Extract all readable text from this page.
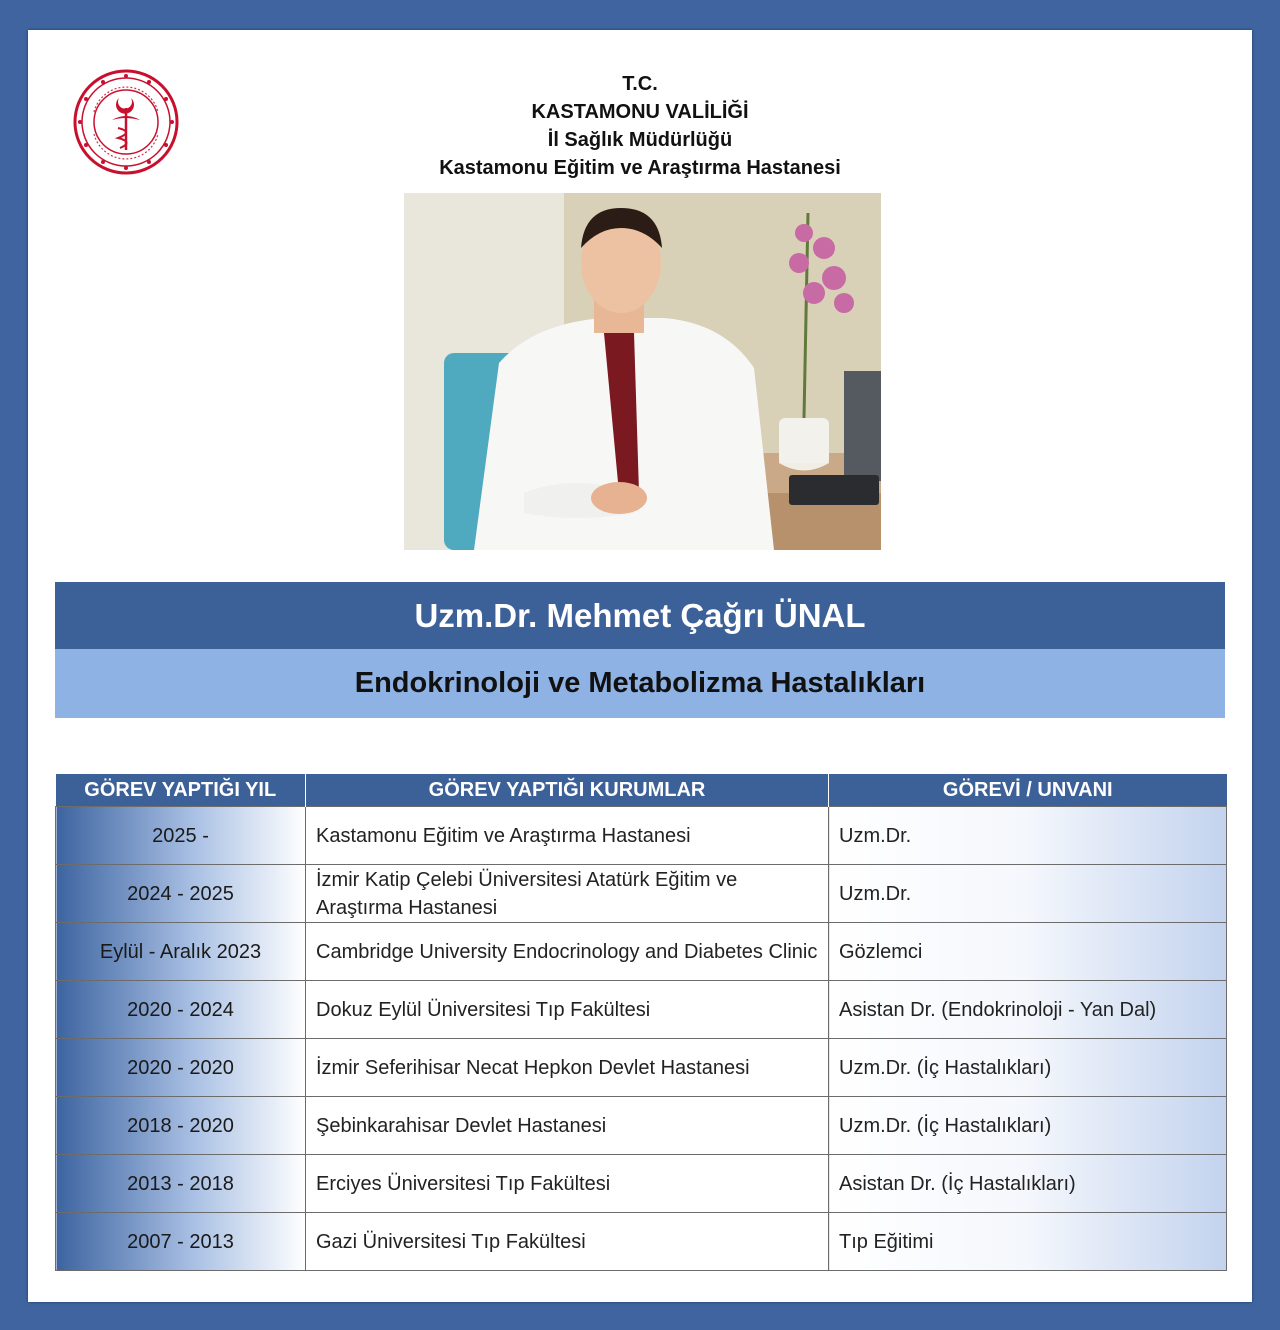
T.C.
KASTAMONU VALİLİĞİ
İl Sağlık Müdürlüğü
Kastamonu Eğitim ve Araştırma Hastanesi
Uzm.Dr. Mehmet Çağrı ÜNAL
Endokrinoloji ve Metabolizma Hastalıkları
GÖREV YAPTIĞI YIL	GÖREV YAPTIĞI KURUMLAR	GÖREVİ / UNVANI
2025 -	Kastamonu Eğitim ve Araştırma Hastanesi	Uzm.Dr.
2024 - 2025	İzmir Katip Çelebi Üniversitesi Atatürk Eğitim ve Araştırma Hastanesi	Uzm.Dr.
Eylül - Aralık 2023	Cambridge University Endocrinology and Diabetes Clinic	Gözlemci
2020 - 2024	Dokuz Eylül Üniversitesi Tıp Fakültesi	Asistan Dr. (Endokrinoloji - Yan Dal)
2020 - 2020	İzmir Seferihisar Necat Hepkon Devlet Hastanesi	Uzm.Dr. (İç Hastalıkları)
2018 - 2020	Şebinkarahisar Devlet Hastanesi	Uzm.Dr. (İç Hastalıkları)
2013 - 2018	Erciyes Üniversitesi Tıp Fakültesi	Asistan Dr. (İç Hastalıkları)
2007 - 2013	Gazi Üniversitesi Tıp Fakültesi	Tıp Eğitimi
